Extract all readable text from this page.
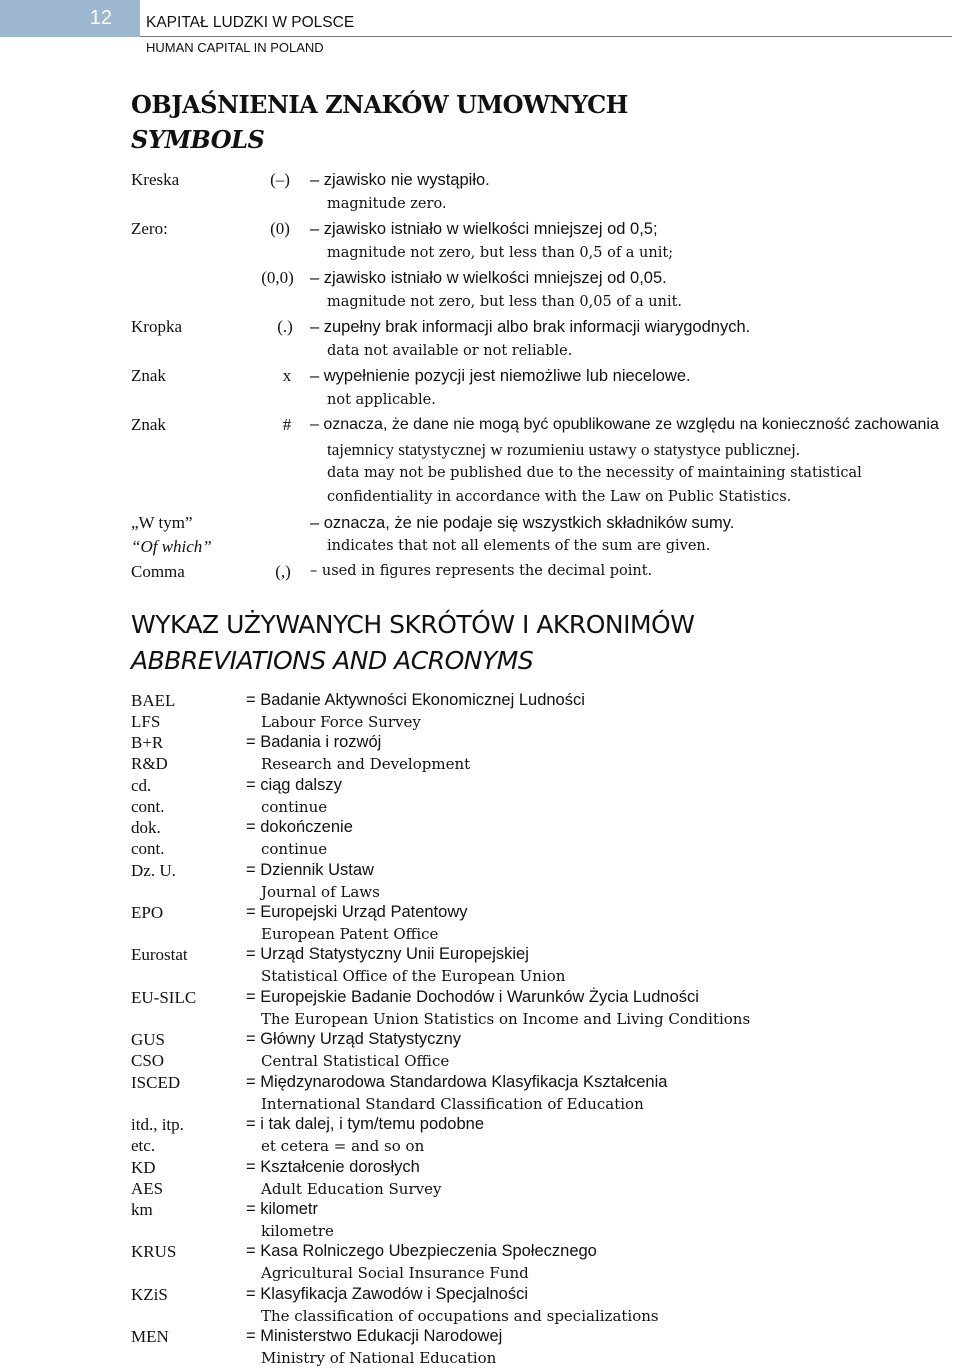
12	KAPITAŁ LUDZKI W POLSCE
HUMAN CAPITAL IN POLAND
OBJAŚNIENIA ZNAKÓW UMOWNYCH
SYMBOLS
Kreska	(–)	– zjawisko nie wystąpiło.
magnitude zero.
Zero:	(0)	– zjawisko istniało w wielkości mniejszej od 0,5;
magnitude not zero, but less than 0,5 of a unit;
(0,0) – zjawisko istniało w wielkości mniejszej od 0,05.
magnitude not zero, but less than 0,05 of a unit.
Kropka	(.)	– zupełny brak informacji albo brak informacji wiarygodnych.
data not available or not reliable.
Znak	x	– wypełnienie pozycji jest niemożliwe lub niecelowe.
not applicable.
Znak	#	– oznacza, że dane nie mogą być opublikowane ze względu na konieczność zachowania
tajemnicy statystycznej w rozumieniu ustawy o statystyce publicznej.
data may not be published due to the necessity of maintaining statistical
confidentiality in accordance with the Law on Public Statistics.
„W tym”	– oznacza, że nie podaje się wszystkich składników sumy.
“Of which”	indicates that not all elements of the sum are given.
Comma	(,)	– used in figures represents the decimal point.
WYKAZ UŻYWANYCH SKRÓTÓW I AKRONIMÓW
ABBREVIATIONS AND ACRONYMS
BAEL	= Badanie Aktywności Ekonomicznej Ludności
LFS	Labour Force Survey
B+R	= Badania i rozwój
R&D	Research and Development
cd.	= ciąg dalszy
cont.	continue
dok.	= dokończenie
cont.	continue
Dz. U.	= Dziennik Ustaw
Journal of Laws
EPO	= Europejski Urząd Patentowy
European Patent Office
Eurostat	= Urząd Statystyczny Unii Europejskiej
Statistical Office of the European Union
EU-SILC	= Europejskie Badanie Dochodów i Warunków Życia Ludności
The European Union Statistics on Income and Living Conditions
GUS	= Główny Urząd Statystyczny
CSO	Central Statistical Office
ISCED	= Międzynarodowa Standardowa Klasyfikacja Kształcenia
International Standard Classification of Education
itd., itp.	= i tak dalej, i tym/temu podobne
etc.	et cetera = and so on
KD	= Kształcenie dorosłych
AES	Adult Education Survey
km	= kilometr
kilometre
KRUS	= Kasa Rolniczego Ubezpieczenia Społecznego
Agricultural Social Insurance Fund
KZiS	= Klasyfikacja Zawodów i Specjalności
The classification of occupations and specializations
MEN	= Ministerstwo Edukacji Narodowej
Ministry of National Education
